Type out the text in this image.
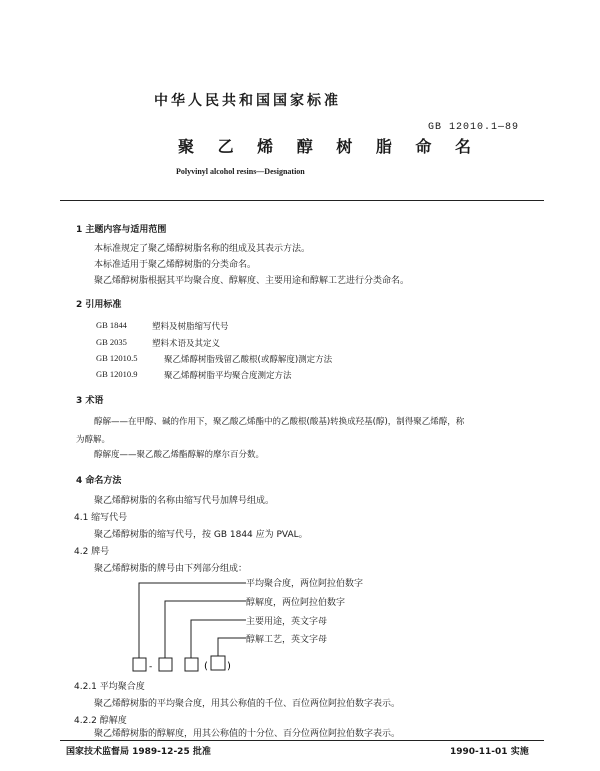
中华人民共和国国家标准
GB 12010.1—89
聚 乙 烯 醇 树 脂 命 名
Polyvinyl alcohol resins—Designation
1 主题内容与适用范围
本标准规定了聚乙烯醇树脂名称的组成及其表示方法。
本标准适用于聚乙烯醇树脂的分类命名。
聚乙烯醇树脂根据其平均聚合度、醇解度、主要用途和醇解工艺进行分类命名。
2 引用标准
GB 1844	塑料及树脂缩写代号
GB 2035	塑料术语及其定义
GB 12010.5	聚乙烯醇树脂残留乙酸根(或醇解度)测定方法
GB 12010.9	聚乙烯醇树脂平均聚合度测定方法
3 术语
醇解——在甲醇、碱的作用下，聚乙酸乙烯酯中的乙酸根(酸基)转换成羟基(醇)，制得聚乙烯醇，称
为醇解。
醇解度——聚乙酸乙烯酯醇解的摩尔百分数。
4 命名方法
聚乙烯醇树脂的名称由缩写代号加牌号组成。
4.1 缩写代号
聚乙烯醇树脂的缩写代号，按 GB 1844 应为 PVAL。
4.2 牌号
聚乙烯醇树脂的牌号由下列部分组成：
-	( )
平均聚合度，两位阿拉伯数字
醇解度，两位阿拉伯数字
主要用途，英文字母
醇解工艺，英文字母
4.2.1 平均聚合度
聚乙烯醇树脂的平均聚合度，用其公称值的千位、百位两位阿拉伯数字表示。
4.2.2 醇解度
聚乙烯醇树脂的醇解度，用其公称值的十分位、百分位两位阿拉伯数字表示。
国家技术监督局 1989-12-25 批准	1990-11-01 实施
